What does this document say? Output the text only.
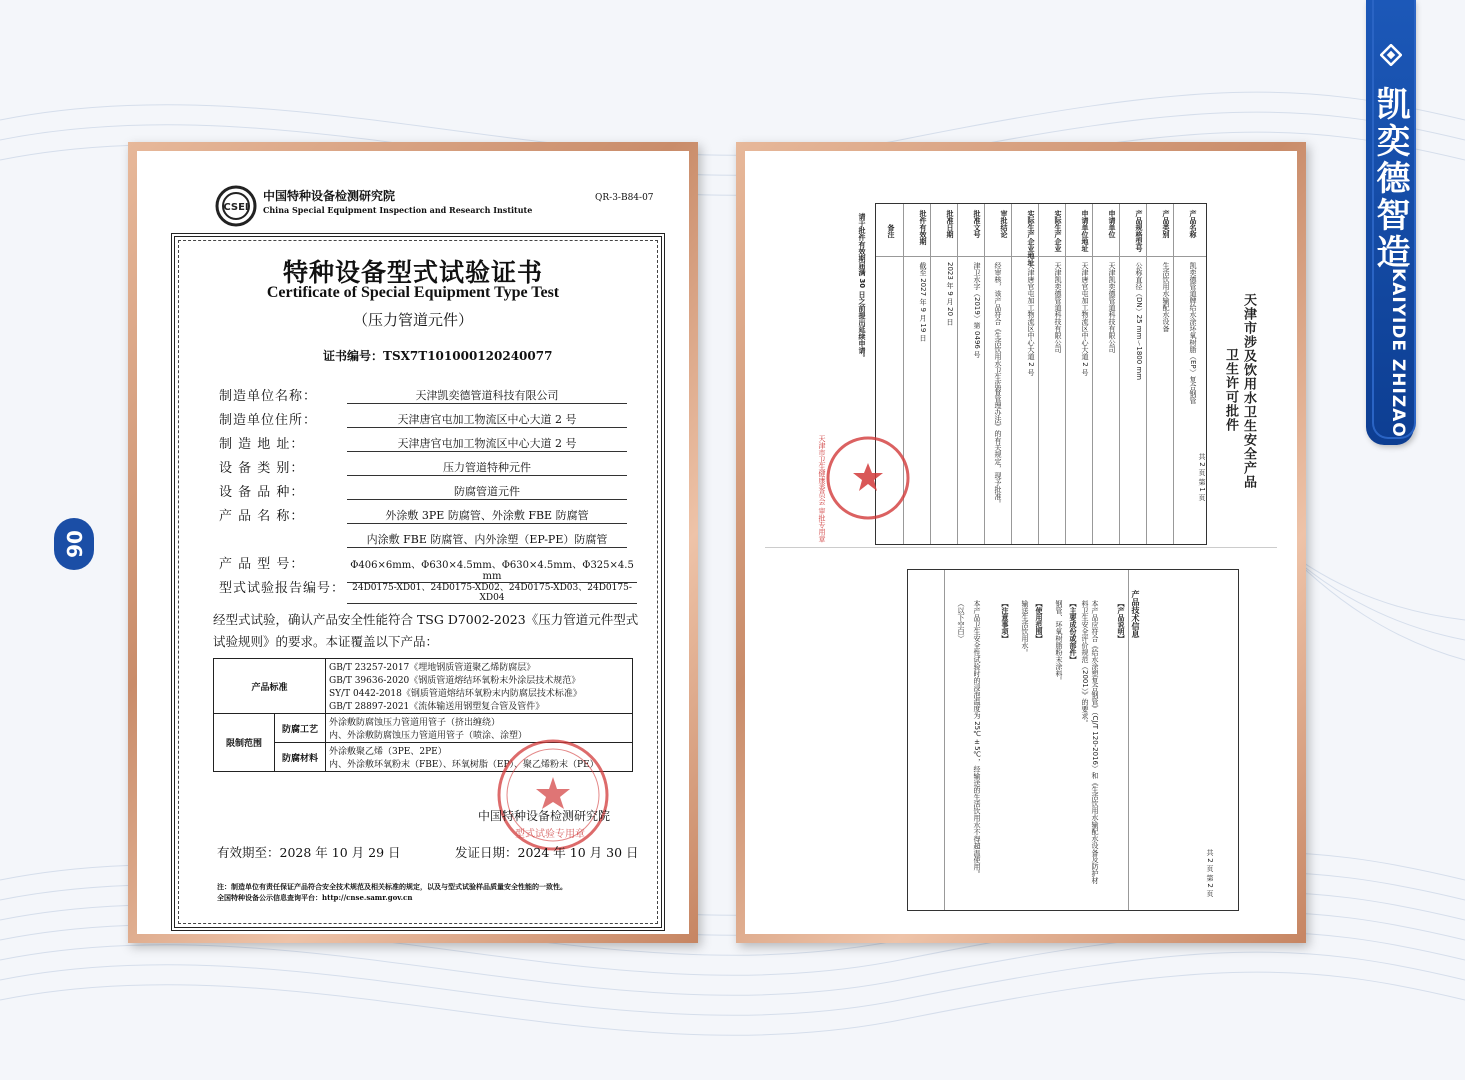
凯奕德智造
KAIYIDE ZHIZAO
06
CSEI
中国特种设备检测研究院
China Special Equipment Inspection and Research Institute
QR-3-B84-07
特种设备型式试验证书
Certificate of Special Equipment Type Test
（压力管道元件）
证书编号：TSX7T101000120240077
制造单位名称：	天津凯奕德管道科技有限公司
制造单位住所：	天津唐官屯加工物流区中心大道 2 号
制 造 地 址：	天津唐官屯加工物流区中心大道 2 号
设 备 类 别：	压力管道特种元件
设 备 品 种：	防腐管道元件
产 品 名 称：	外涂敷 3PE 防腐管、外涂敷 FBE 防腐管
内涂敷 FBE 防腐管、内外涂塑（EP-PE）防腐管
产 品 型 号：	Φ406×6mm、Φ630×4.5mm、Φ630×4.5mm、Φ325×4.5 mm
型式试验报告编号： 24D0175-XD01、24D0175-XD02、24D0175-XD03、24D0175-XD04
经型式试验，确认产品安全性能符合 TSG D7002-2023《压力管道元件型式试验规则》的要求。本证覆盖以下产品：
产品标准		GB/T 23257-2017《埋地钢质管道聚乙烯防腐层》
GB/T 39636-2020《钢质管道熔结环氧粉末外涂层技术规范》
SY/T 0442-2018《钢质管道熔结环氧粉末内防腐层技术标准》
GB/T 28897-2021《流体输送用钢塑复合管及管件》

限制范围	防腐工艺	外涂敷防腐蚀压力管道用管子（挤出缠绕）
内、外涂敷防腐蚀压力管道用管子（喷涂、涂塑）

	防腐材料	外涂敷聚乙烯（3PE、2PE）
内、外涂敷环氧粉末（FBE）、环氧树脂（EP）、聚乙烯粉末（PE）
中国特种设备检测研究院
型式试验专用章
有效期至：2028 年 10 月 29 日	发证日期：2024 年 10 月 30 日
注：制造单位有责任保证产品符合安全技术规范及相关标准的规定，以及与型式试验样品质量安全性能的一致性。
全国特种设备公示信息查询平台：http://cnse.samr.gov.cn
天津市涉及饮用水卫生安全产品
卫生许可批件
共 2 页 第 1 页
产品名称
凯奕德管道牌给水涂环氧树脂（EP）复合钢管
产品类别
生活饮用水输配水设备
产品规格型号
公称直径（DN）25 mm～1800 mm
申请单位
天津凯奕德管道科技有限公司
申请单位地址
天津唐官屯加工物流区中心大道 2 号
实际生产企业
天津凯奕德管道科技有限公司
实际生产企业地址
天津唐官屯加工物流区中心大道 2 号
审批结论
经审核，该产品符合《生活饮用水卫生监督管理办法》的有关规定，现予批准。
批准文号
津卫水字（2019）第 0496 号
批准日期
2023 年 9 月 20 日
批件有效期
截至 2027 年 9 月 19 日
备注
请于批件有效期届满 30 日之前提出延续申请。
天津市卫生健康委员会 审批专用章
共 2 页 第 2 页
产品技术信息
【产品说明】
本产品应符合《给水涂塑复合钢管》（CJ/T 120-2016）和《生活饮用水输配水设备及防护材料卫生安全评价规范（2001）》的要求。
【主要成份或部件】
钢管、环氧树脂粉末涂料。
【使用范围】
输送生活饮用水。
【注意事项】
本产品卫生安全性试验时的浸泡温度为 25℃±5℃，经输送的生活饮用水不得超温使用。
（以下空白）
